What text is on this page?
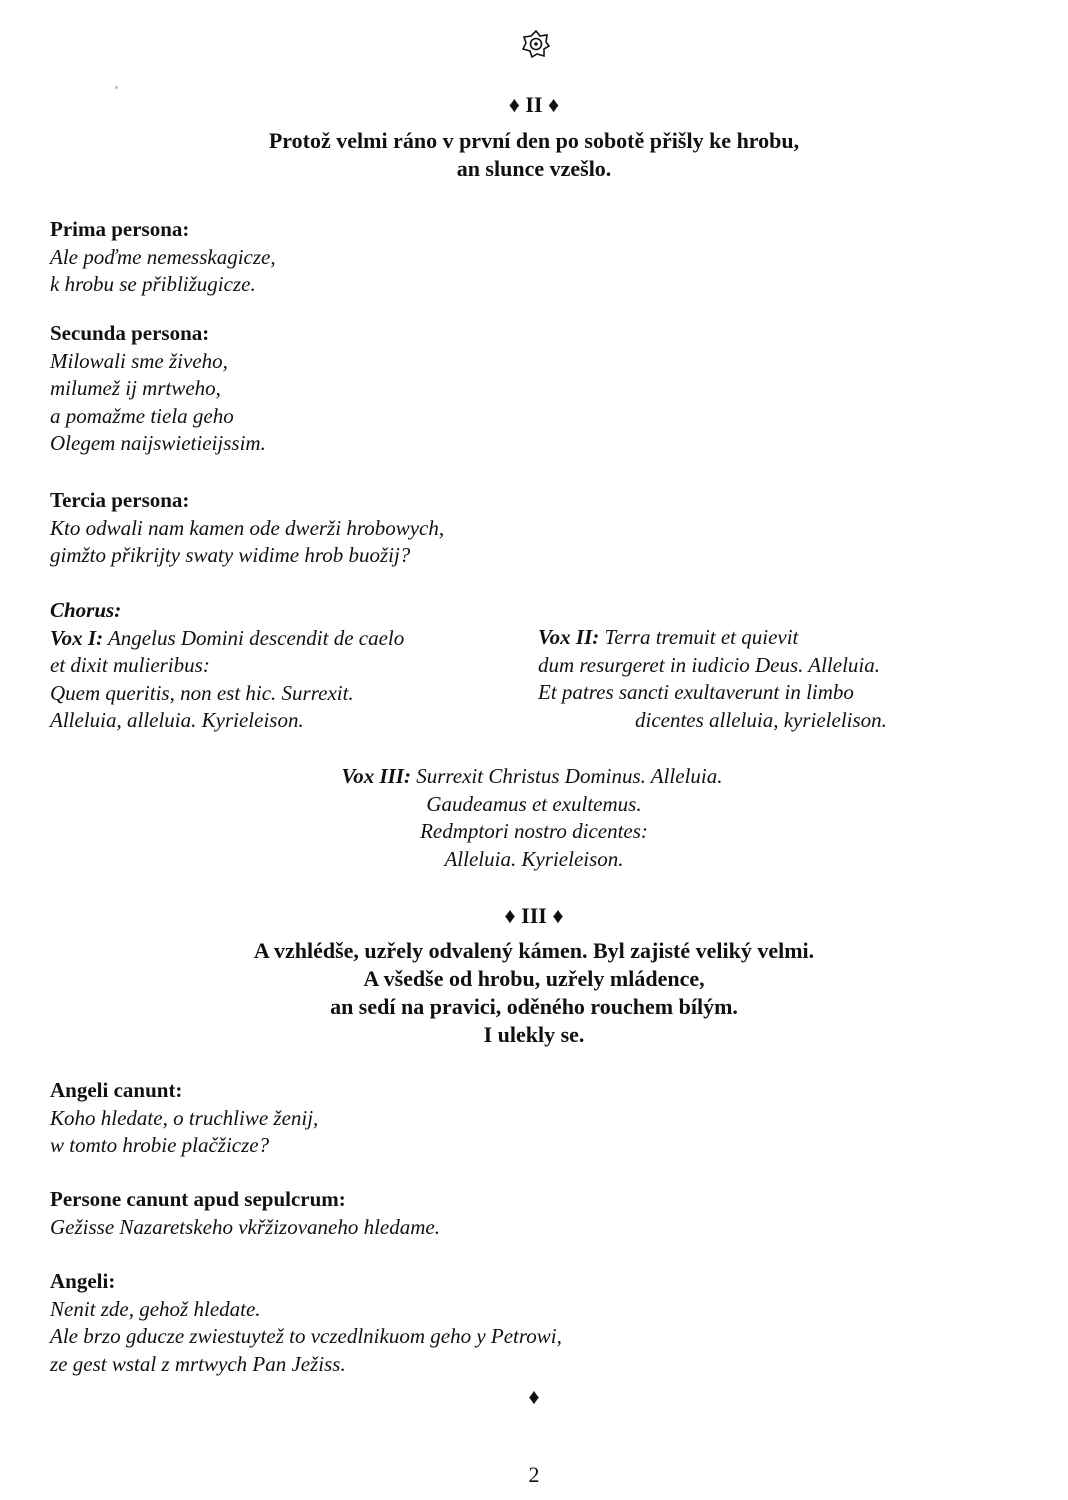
♦ II ♦
Protož velmi ráno v první den po sobotě přišly ke hrobu,
an slunce vzešlo.
Prima persona:
Ale poďme nemesskagicze,
k hrobu se přibližugicze.
Secunda persona:
Milowali sme živeho,
milumež ij mrtweho,
a pomažme tiela geho
Olegem naijswietieijssim.
Tercia persona:
Kto odwali nam kamen ode dwerži hrobowych,
gimžto přikrijty swaty widime hrob buožij?
Chorus:
Vox I: Angelus Domini descendit de caelo
et dixit mulieribus:
Quem queritis, non est hic. Surrexit.
Alleluia, alleluia. Kyrieleison.
Vox II: Terra tremuit et quievit
dum resurgeret in iudicio Deus. Alleluia.
Et patres sancti exultaverunt in limbo
dicentes alleluia, kyrielelison.
Vox III: Surrexit Christus Dominus. Alleluia.
Gaudeamus et exultemus.
Redmptori nostro dicentes:
Alleluia. Kyrieleison.
♦ III ♦
A vzhlédše, uzřely odvalený kámen. Byl zajisté veliký velmi.
A všedše od hrobu, uzřely mládence,
an sedí na pravici, oděného rouchem bílým.
I ulekly se.
Angeli canunt:
Koho hledate, o truchliwe ženij,
w tomto hrobie plačžicze?
Persone canunt apud sepulcrum:
Gežisse Nazaretskeho vkřžizovaneho hledame.
Angeli:
Nenit zde, gehož hledate.
Ale brzo gducze zwiestuytež to vczedlnikuom geho y Petrowi,
ze gest wstal z mrtwych Pan Ježiss.
♦
2
